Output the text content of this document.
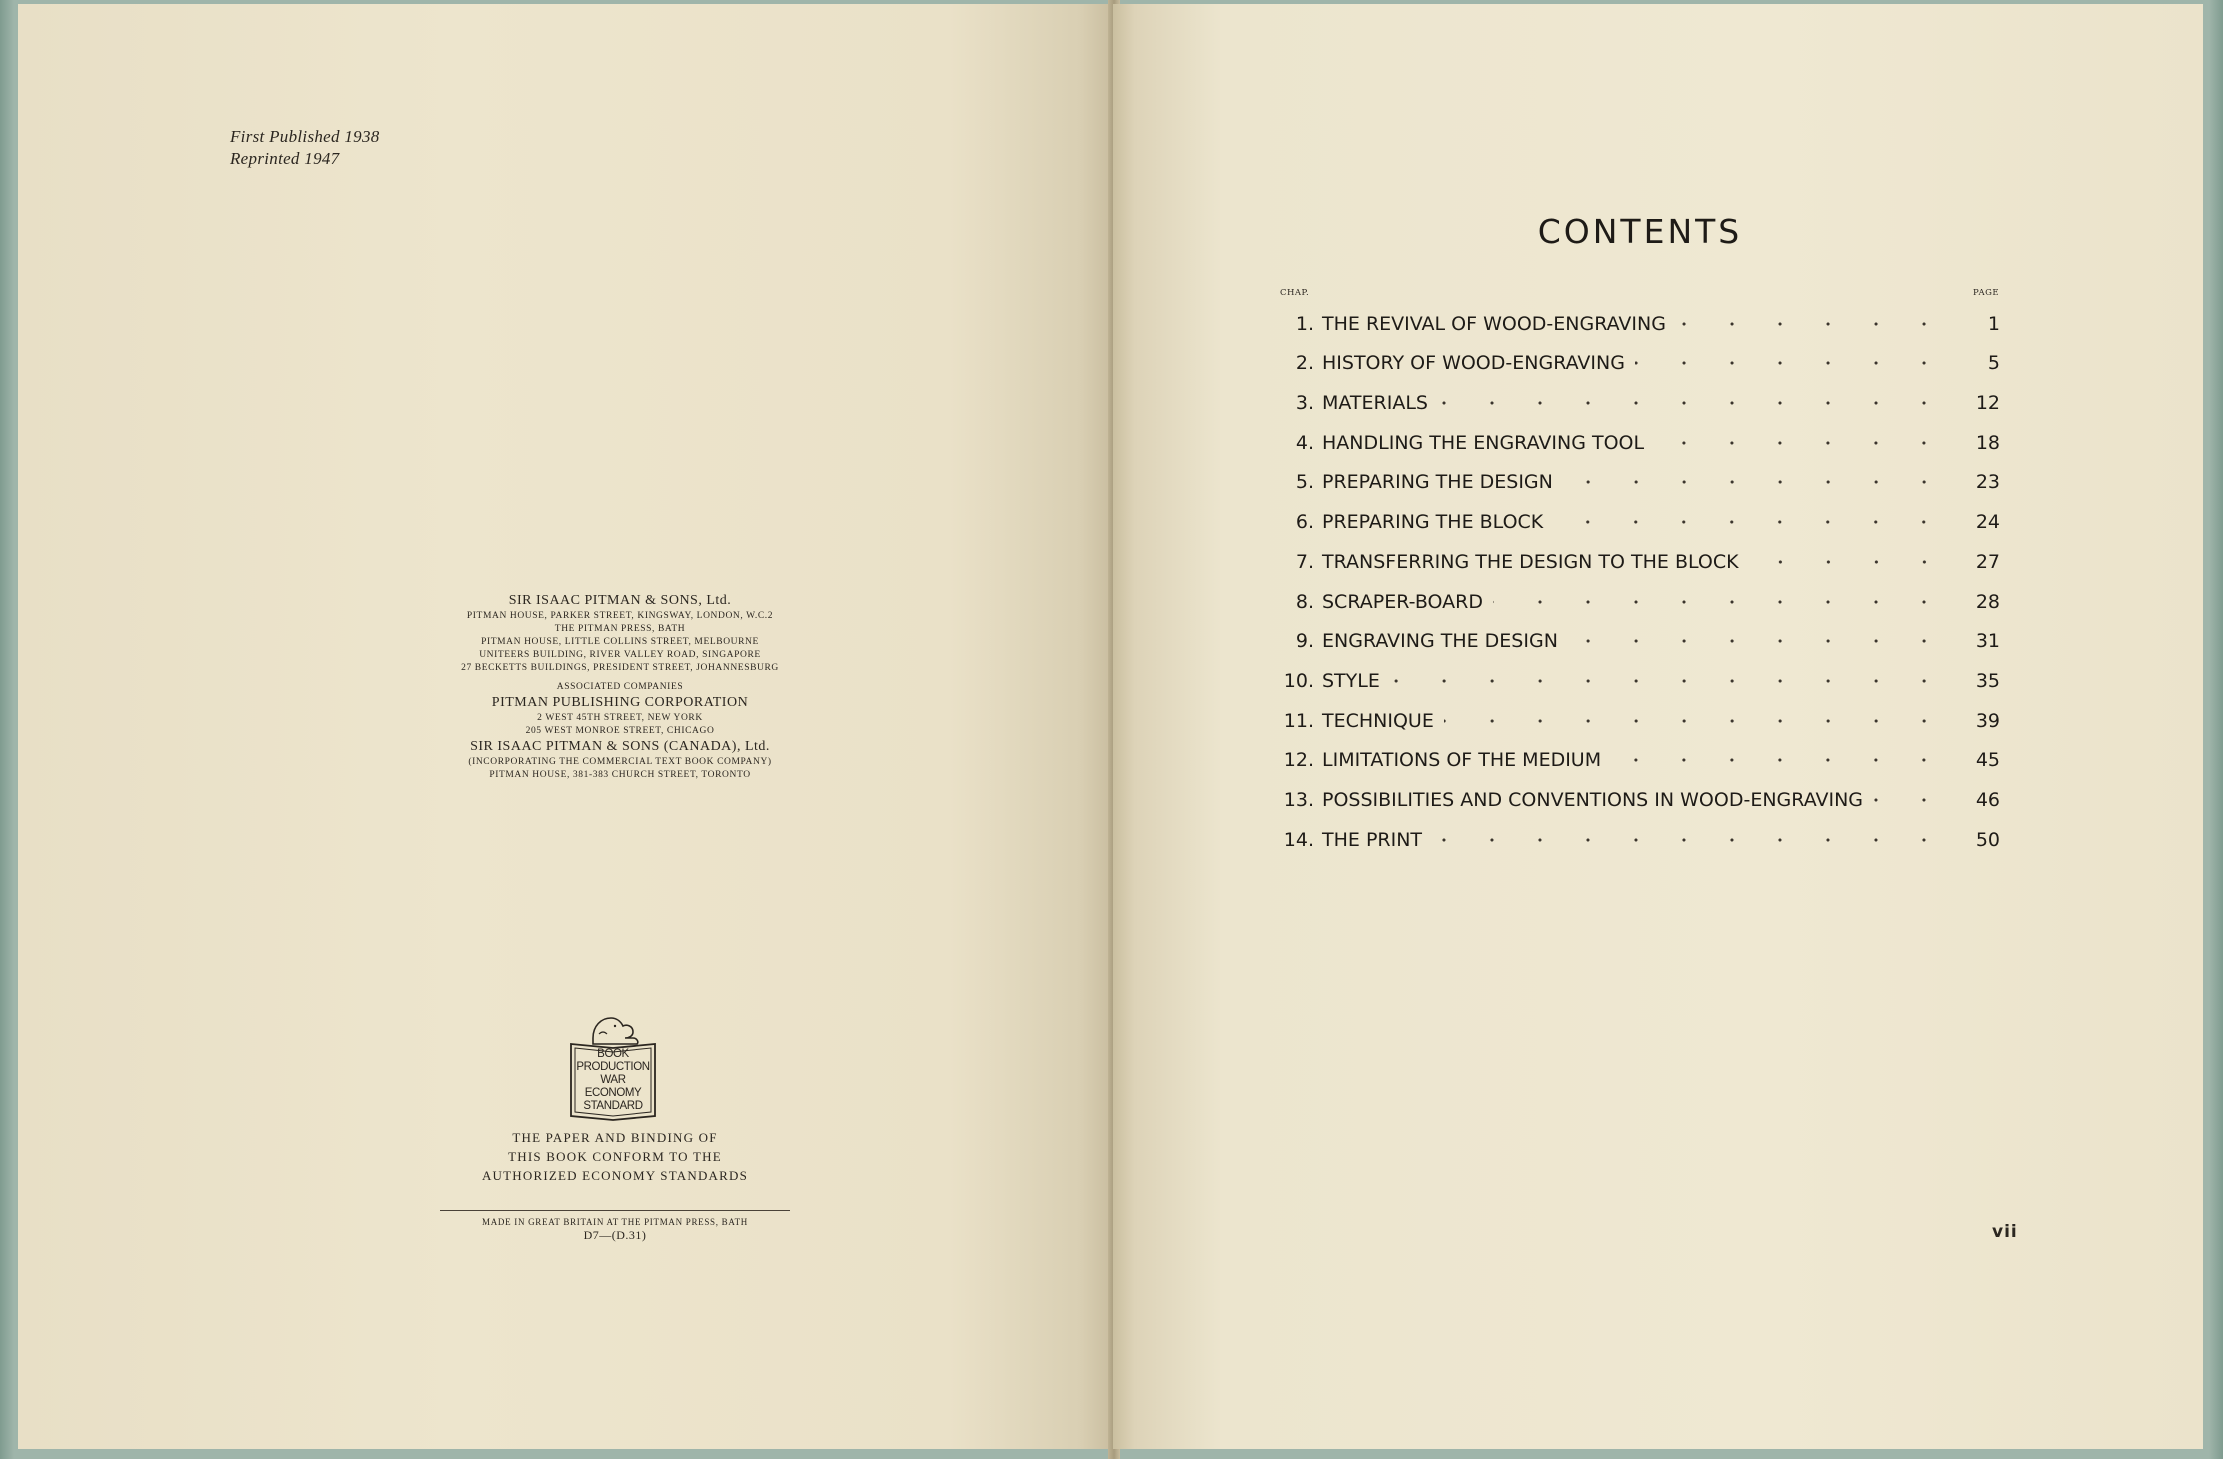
First Published 1938
Reprinted 1947
SIR ISAAC PITMAN & SONS, Ltd.
PITMAN HOUSE, PARKER STREET, KINGSWAY, LONDON, W.C.2
THE PITMAN PRESS, BATH
PITMAN HOUSE, LITTLE COLLINS STREET, MELBOURNE
UNITEERS BUILDING, RIVER VALLEY ROAD, SINGAPORE
27 BECKETTS BUILDINGS, PRESIDENT STREET, JOHANNESBURG
ASSOCIATED COMPANIES
PITMAN PUBLISHING CORPORATION
2 WEST 45TH STREET, NEW YORK
205 WEST MONROE STREET, CHICAGO
SIR ISAAC PITMAN & SONS (CANADA), Ltd.
(INCORPORATING THE COMMERCIAL TEXT BOOK COMPANY)
PITMAN HOUSE, 381-383 CHURCH STREET, TORONTO
BOOK
PRODUCTION
WAR ECONOMY
STANDARD
THE PAPER AND BINDING OF
THIS BOOK CONFORM TO THE
AUTHORIZED ECONOMY STANDARDS
MADE IN GREAT BRITAIN AT THE PITMAN PRESS, BATH
D7—(D.31)
CONTENTS
CHAP.	PAGE
1. THE REVIVAL OF WOOD-ENGRAVING	1
2. HISTORY OF WOOD-ENGRAVING	5
3. MATERIALS	12
4. HANDLING THE ENGRAVING TOOL	18
5. PREPARING THE DESIGN	23
6. PREPARING THE BLOCK	24
7. TRANSFERRING THE DESIGN TO THE BLOCK	27
8. SCRAPER-BOARD	28
9. ENGRAVING THE DESIGN	31
10. STYLE	35
11. TECHNIQUE	39
12. LIMITATIONS OF THE MEDIUM	45
13. POSSIBILITIES AND CONVENTIONS IN WOOD-ENGRAVING	46
14. THE PRINT	50
vii
